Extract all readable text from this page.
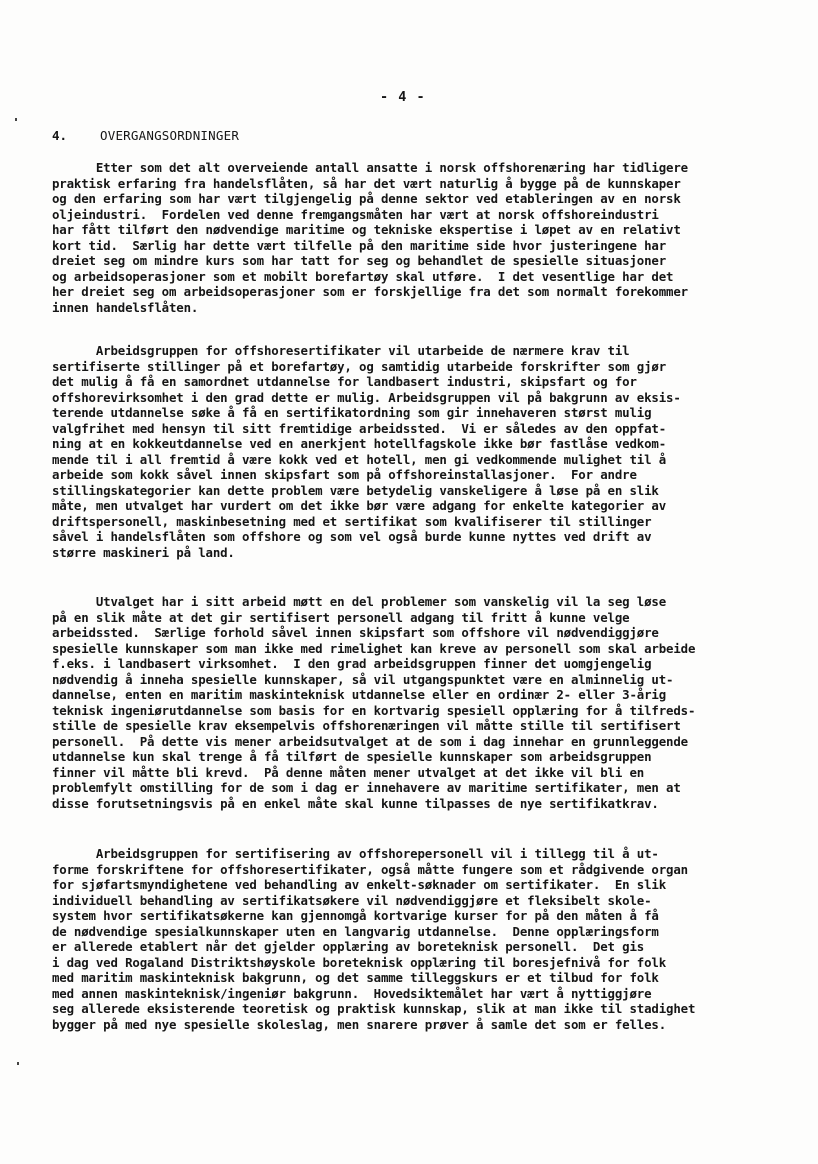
- 4 -
4.	OVERGANGSORDNINGER
Etter som det alt overveiende antall ansatte i norsk offshorenæring har tidligere
praktisk erfaring fra handelsflåten, så har det vært naturlig å bygge på de kunnskaper
og den erfaring som har vært tilgjengelig på denne sektor ved etableringen av en norsk
oljeindustri.  Fordelen ved denne fremgangsmåten har vært at norsk offshoreindustri
har fått tilført den nødvendige maritime og tekniske ekspertise i løpet av en relativt
kort tid.  Særlig har dette vært tilfelle på den maritime side hvor justeringene har
dreiet seg om mindre kurs som har tatt for seg og behandlet de spesielle situasjoner
og arbeidsoperasjoner som et mobilt borefartøy skal utføre.  I det vesentlige har det
her dreiet seg om arbeidsoperasjoner som er forskjellige fra det som normalt forekommer
innen handelsflåten.
Arbeidsgruppen for offshoresertifikater vil utarbeide de nærmere krav til
sertifiserte stillinger på et borefartøy, og samtidig utarbeide forskrifter som gjør
det mulig å få en samordnet utdannelse for landbasert industri, skipsfart og for
offshorevirksomhet i den grad dette er mulig. Arbeidsgruppen vil på bakgrunn av eksis-
terende utdannelse søke å få en sertifikatordning som gir innehaveren størst mulig
valgfrihet med hensyn til sitt fremtidige arbeidssted.  Vi er således av den oppfat-
ning at en kokkeutdannelse ved en anerkjent hotellfagskole ikke bør fastlåse vedkom-
mende til i all fremtid å være kokk ved et hotell, men gi vedkommende mulighet til å
arbeide som kokk såvel innen skipsfart som på offshoreinstallasjoner.  For andre
stillingskategorier kan dette problem være betydelig vanskeligere å løse på en slik
måte, men utvalget har vurdert om det ikke bør være adgang for enkelte kategorier av
driftspersonell, maskinbesetning med et sertifikat som kvalifiserer til stillinger
såvel i handelsflåten som offshore og som vel også burde kunne nyttes ved drift av
større maskineri på land.
Utvalget har i sitt arbeid møtt en del problemer som vanskelig vil la seg løse
på en slik måte at det gir sertifisert personell adgang til fritt å kunne velge
arbeidssted.  Særlige forhold såvel innen skipsfart som offshore vil nødvendiggjøre
spesielle kunnskaper som man ikke med rimelighet kan kreve av personell som skal arbeide
f.eks. i landbasert virksomhet.  I den grad arbeidsgruppen finner det uomgjengelig
nødvendig å inneha spesielle kunnskaper, så vil utgangspunktet være en alminnelig ut-
dannelse, enten en maritim maskinteknisk utdannelse eller en ordinær 2- eller 3-årig
teknisk ingeniørutdannelse som basis for en kortvarig spesiell opplæring for å tilfreds-
stille de spesielle krav eksempelvis offshorenæringen vil måtte stille til sertifisert
personell.  På dette vis mener arbeidsutvalget at de som i dag innehar en grunnleggende
utdannelse kun skal trenge å få tilført de spesielle kunnskaper som arbeidsgruppen
finner vil måtte bli krevd.  På denne måten mener utvalget at det ikke vil bli en
problemfylt omstilling for de som i dag er innehavere av maritime sertifikater, men at
disse forutsetningsvis på en enkel måte skal kunne tilpasses de nye sertifikatkrav.
Arbeidsgruppen for sertifisering av offshorepersonell vil i tillegg til å ut-
forme forskriftene for offshoresertifikater, også måtte fungere som et rådgivende organ
for sjøfartsmyndighetene ved behandling av enkelt-søknader om sertifikater.  En slik
individuell behandling av sertifikatsøkere vil nødvendiggjøre et fleksibelt skole-
system hvor sertifikatsøkerne kan gjennomgå kortvarige kurser for på den måten å få
de nødvendige spesialkunnskaper uten en langvarig utdannelse.  Denne opplæringsform
er allerede etablert når det gjelder opplæring av boreteknisk personell.  Det gis
i dag ved Rogaland Distriktshøyskole boreteknisk opplæring til boresjefnivå for folk
med maritim maskinteknisk bakgrunn, og det samme tilleggskurs er et tilbud for folk
med annen maskinteknisk/ingeniør bakgrunn.  Hovedsiktemålet har vært å nyttiggjøre
seg allerede eksisterende teoretisk og praktisk kunnskap, slik at man ikke til stadighet
bygger på med nye spesielle skoleslag, men snarere prøver å samle det som er felles.
